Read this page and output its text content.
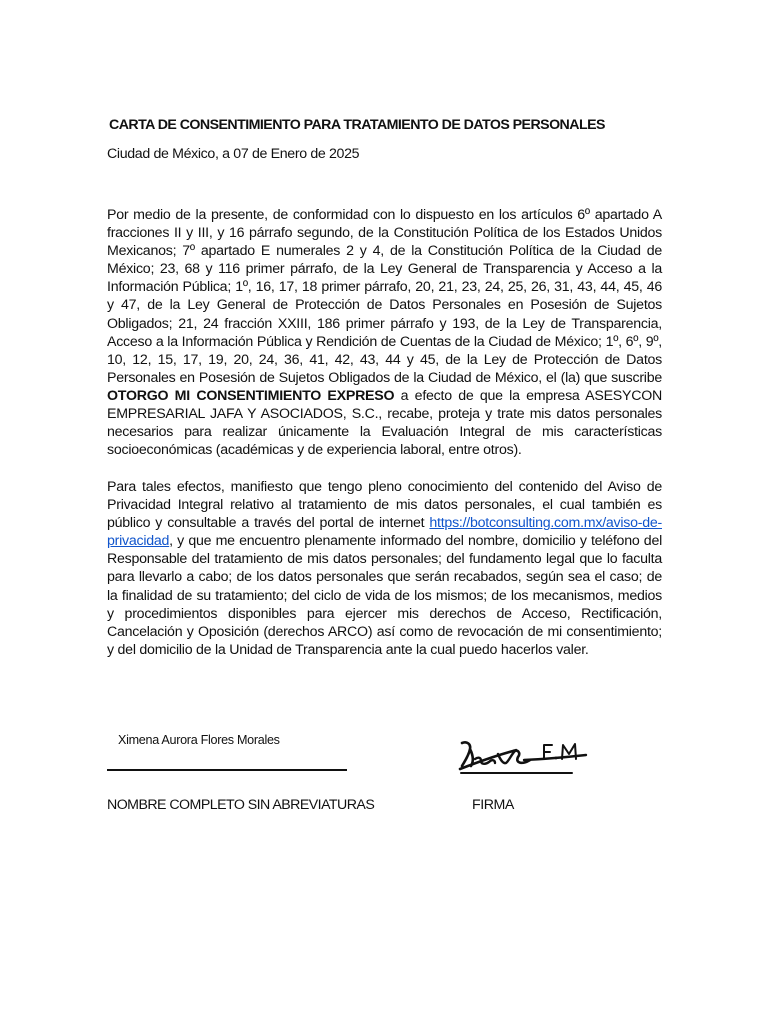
CARTA DE CONSENTIMIENTO PARA TRATAMIENTO DE DATOS PERSONALES
Ciudad de México, a 07 de Enero de 2025

Por medio de la presente, de conformidad con lo dispuesto en los artículos 6º apartado A fracciones II y III, y 16 párrafo segundo, de la Constitución Política de los Estados Unidos Mexicanos; 7º apartado E numerales 2 y 4, de la Constitución Política de la Ciudad de México; 23, 68 y 116 primer párrafo, de la Ley General de Transparencia y Acceso a la Información Pública; 1º, 16, 17, 18 primer párrafo, 20, 21, 23, 24, 25, 26, 31, 43, 44, 45, 46 y 47, de la Ley General de Protección de Datos Personales en Posesión de Sujetos Obligados; 21, 24 fracción XXIII, 186 primer párrafo y 193, de la Ley de Transparencia, Acceso a la Información Pública y Rendición de Cuentas de la Ciudad de México; 1º, 6º, 9º, 10, 12, 15, 17, 19, 20, 24, 36, 41, 42, 43, 44 y 45, de la Ley de Protección de Datos Personales en Posesión de Sujetos Obligados de la Ciudad de México, el (la) que suscribe OTORGO MI CONSENTIMIENTO EXPRESO a efecto de que la empresa ASESYCON EMPRESARIAL JAFA Y ASOCIADOS, S.C., recabe, proteja y trate mis datos personales necesarios para realizar únicamente la Evaluación Integral de mis características socioeconómicas (académicas y de experiencia laboral, entre otros).

Para tales efectos, manifiesto que tengo pleno conocimiento del contenido del Aviso de Privacidad Integral relativo al tratamiento de mis datos personales, el cual también es público y consultable a través del portal de internet https://botconsulting.com.mx/aviso-de-privacidad, y que me encuentro plenamente informado del nombre, domicilio y teléfono del Responsable del tratamiento de mis datos personales; del fundamento legal que lo faculta para llevarlo a cabo; de los datos personales que serán recabados, según sea el caso; de la finalidad de su tratamiento; del ciclo de vida de los mismos; de los mecanismos, medios y procedimientos disponibles para ejercer mis derechos de Acceso, Rectificación, Cancelación y Oposición (derechos ARCO) así como de revocación de mi consentimiento; y del domicilio de la Unidad de Transparencia ante la cual puedo hacerlos valer.

Ximena Aurora Flores Morales
NOMBRE COMPLETO SIN ABREVIATURAS	FIRMA
